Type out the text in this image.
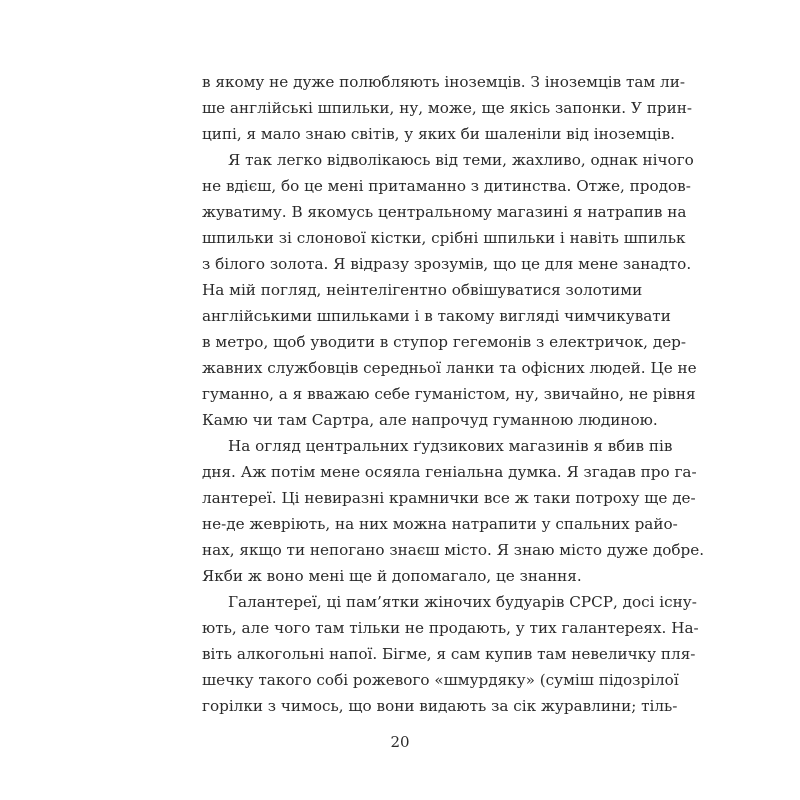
в якому не дуже полюбляють іноземців. З іноземців там ли-
ше англійські шпильки, ну, може, ще якісь запонки. У прин-
ципі, я мало знаю світів, у яких би шаленіли від іноземців.
Я так легко відволікаюсь від теми, жахливо, однак нічого
не вдієш, бо це мені притаманно з дитинства. Отже, продов-
жуватиму. В якомусь центральному магазині я натрапив на
шпильки зі слонової кістки, срібні шпильки і навіть шпильк
з білого золота. Я відразу зрозумів, що це для мене занадто.
На мій погляд, неінтелігентно обвішуватися золотими
англійськими шпильками і в такому вигляді чимчикувати
в метро, щоб уводити в ступор гегемонів з електричок, дер-
жавних службовців середньої ланки та офісних людей. Це не
гуманно, а я вважаю себе гуманістом, ну, звичайно, не рівня
Камю чи там Сартра, але напрочуд гуманною людиною.
На огляд центральних ґудзикових магазинів я вбив пів
дня. Аж потім мене осяяла геніальна думка. Я згадав про га-
лантереї. Ці невиразні крамнички все ж таки потроху ще де-
не-де жевріють, на них можна натрапити у спальних райо-
нах, якщо ти непогано знаєш місто. Я знаю місто дуже добре.
Якби ж воно мені ще й допомагало, це знання.
Галантереї, ці пам’ятки жіночих будуарів СРСР, досі існу-
ють, але чого там тільки не продають, у тих галантереях. На-
віть алкогольні напої. Бігме, я сам купив там невеличку пля-
шечку такого собі рожевого «шмурдяку» (суміш підозрілої
горілки з чимось, що вони видають за сік журавлини; тіль-
20
